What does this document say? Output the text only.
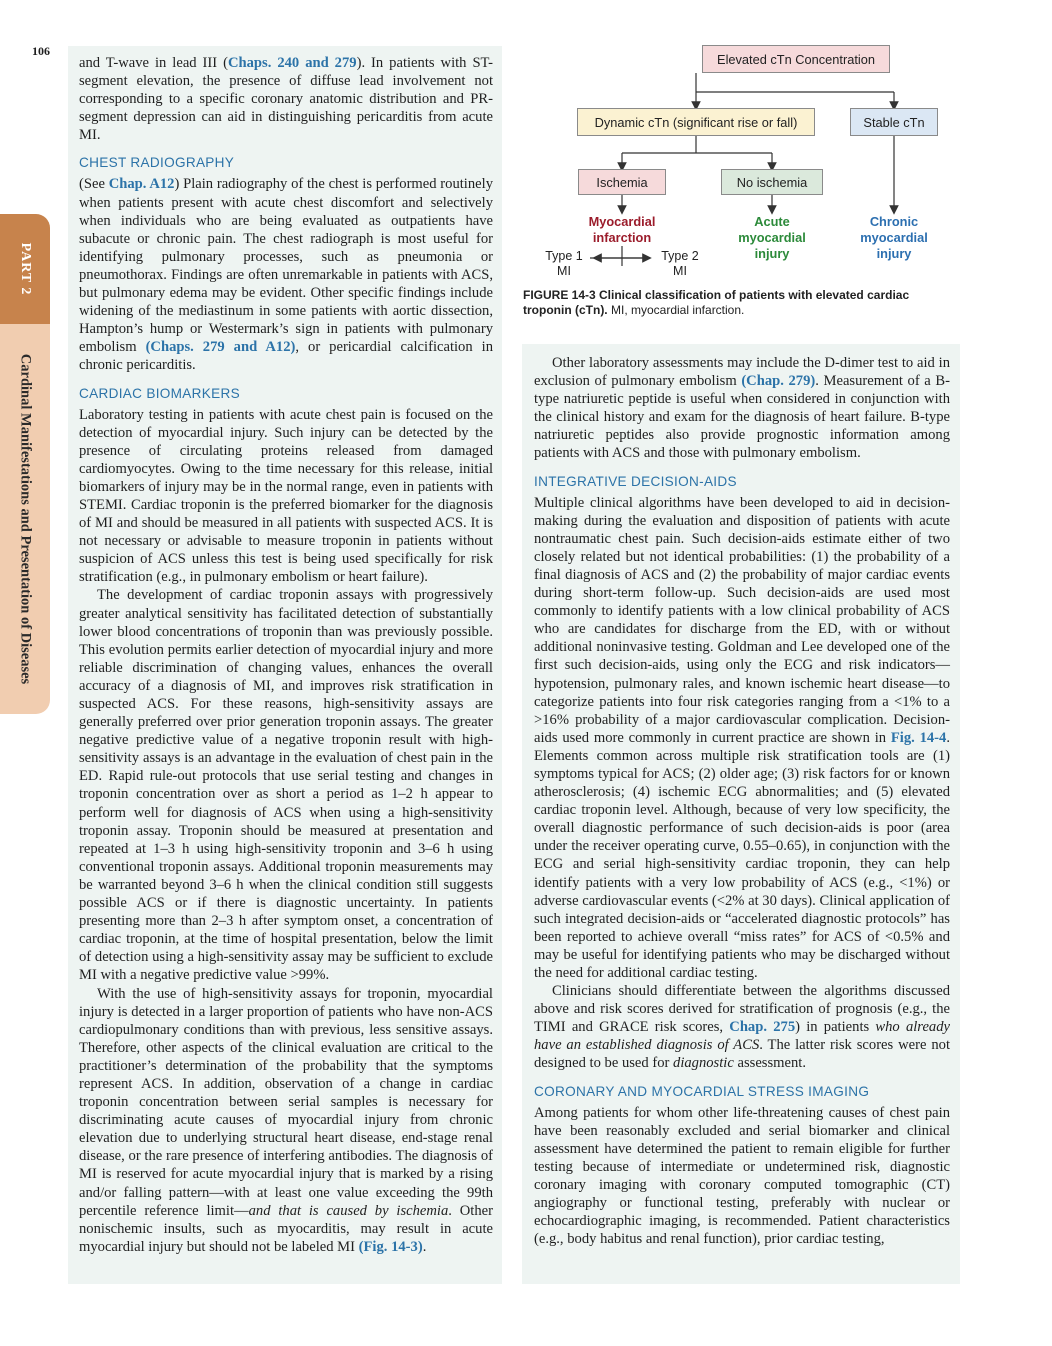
106
PART 2
Cardinal Manifestations and Presentation of Diseases

and T-wave in lead III (Chaps. 240 and 279). In patients with ST-segment elevation, the presence of diffuse lead involvement not corresponding to a specific coronary anatomic distribution and PR-segment depression can aid in distinguishing pericarditis from acute MI.

CHEST RADIOGRAPHY

(See Chap. A12) Plain radiography of the chest is performed routinely when patients present with acute chest discomfort and selectively when individuals who are being evaluated as outpatients have subacute or chronic pain. The chest radiograph is most useful for identifying pulmonary processes, such as pneumonia or pneumothorax. Findings are often unremarkable in patients with ACS, but pulmonary edema may be evident. Other specific findings include widening of the mediastinum in some patients with aortic dissection, Hampton’s hump or Westermark’s sign in patients with pulmonary embolism (Chaps. 279 and A12), or pericardial calcification in chronic pericarditis.

CARDIAC BIOMARKERS

Laboratory testing in patients with acute chest pain is focused on the detection of myocardial injury. Such injury can be detected by the presence of circulating proteins released from damaged cardiomyocytes. Owing to the time necessary for this release, initial biomarkers of injury may be in the normal range, even in patients with STEMI. Cardiac troponin is the preferred biomarker for the diagnosis of MI and should be measured in all patients with suspected ACS. It is not necessary or advisable to measure troponin in patients without suspicion of ACS unless this test is being used specifically for risk stratification (e.g., in pulmonary embolism or heart failure).

The development of cardiac troponin assays with progressively greater analytical sensitivity has facilitated detection of substantially lower blood concentrations of troponin than was previously possible. This evolution permits earlier detection of myocardial injury and more reliable discrimination of changing values, enhances the overall accuracy of a diagnosis of MI, and improves risk stratification in suspected ACS. For these reasons, high-sensitivity assays are generally preferred over prior generation troponin assays. The greater negative predictive value of a negative troponin result with high-sensitivity assays is an advantage in the evaluation of chest pain in the ED. Rapid rule-out protocols that use serial testing and changes in troponin concentration over as short a period as 1–2 h appear to perform well for diagnosis of ACS when using a high-sensitivity troponin assay. Troponin should be measured at presentation and repeated at 1–3 h using high-sensitivity troponin and 3–6 h using conventional troponin assays. Additional troponin measurements may be warranted beyond 3–6 h when the clinical condition still suggests possible ACS or if there is diagnostic uncertainty. In patients presenting more than 2–3 h after symptom onset, a concentration of cardiac troponin, at the time of hospital presentation, below the limit of detection using a high-sensitivity assay may be sufficient to exclude MI with a negative predictive value >99%.

With the use of high-sensitivity assays for troponin, myocardial injury is detected in a larger proportion of patients who have non-ACS cardiopulmonary conditions than with previous, less sensitive assays. Therefore, other aspects of the clinical evaluation are critical to the practitioner’s determination of the probability that the symptoms represent ACS. In addition, observation of a change in cardiac troponin concentration between serial samples is necessary for discriminating acute causes of myocardial injury from chronic elevation due to underlying structural heart disease, end-stage renal disease, or the rare presence of interfering antibodies. The diagnosis of MI is reserved for acute myocardial injury that is marked by a rising and/or falling pattern—with at least one value exceeding the 99th percentile reference limit—and that is caused by ischemia. Other nonischemic insults, such as myocarditis, may result in acute myocardial injury but should not be labeled MI (Fig. 14-3).

Elevated cTn Concentration
Dynamic cTn (significant rise or fall)	Stable cTn
Ischemia	No ischemia
Myocardial infarction
Acute myocardial injury
Chronic myocardial injury
Type 1 MI
Type 2 MI
FIGURE 14-3 Clinical classification of patients with elevated cardiac troponin (cTn). MI, myocardial infarction.

Other laboratory assessments may include the D-dimer test to aid in exclusion of pulmonary embolism (Chap. 279). Measurement of a B-type natriuretic peptide is useful when considered in conjunction with the clinical history and exam for the diagnosis of heart failure. B-type natriuretic peptides also provide prognostic information among patients with ACS and those with pulmonary embolism.

INTEGRATIVE DECISION-AIDS

Multiple clinical algorithms have been developed to aid in decision-making during the evaluation and disposition of patients with acute nontraumatic chest pain. Such decision-aids estimate either of two closely related but not identical probabilities: (1) the probability of a final diagnosis of ACS and (2) the probability of major cardiac events during short-term follow-up. Such decision-aids are used most commonly to identify patients with a low clinical probability of ACS who are candidates for discharge from the ED, with or without additional noninvasive testing. Goldman and Lee developed one of the first such decision-aids, using only the ECG and risk indicators—hypotension, pulmonary rales, and known ischemic heart disease—to categorize patients into four risk categories ranging from a <1% to a >16% probability of a major cardiovascular complication. Decision-aids used more commonly in current practice are shown in Fig. 14-4. Elements common across multiple risk stratification tools are (1) symptoms typical for ACS; (2) older age; (3) risk factors for or known atherosclerosis; (4) ischemic ECG abnormalities; and (5) elevated cardiac troponin level. Although, because of very low specificity, the overall diagnostic performance of such decision-aids is poor (area under the receiver operating curve, 0.55–0.65), in conjunction with the ECG and serial high-sensitivity cardiac troponin, they can help identify patients with a very low probability of ACS (e.g., <1%) or adverse cardiovascular events (<2% at 30 days). Clinical application of such integrated decision-aids or “accelerated diagnostic protocols” has been reported to achieve overall “miss rates” for ACS of <0.5% and may be useful for identifying patients who may be discharged without the need for additional cardiac testing.

Clinicians should differentiate between the algorithms discussed above and risk scores derived for stratification of prognosis (e.g., the TIMI and GRACE risk scores, Chap. 275) in patients who already have an established diagnosis of ACS. The latter risk scores were not designed to be used for diagnostic assessment.

CORONARY AND MYOCARDIAL STRESS IMAGING

Among patients for whom other life-threatening causes of chest pain have been reasonably excluded and serial biomarker and clinical assessment have determined the patient to remain eligible for further testing because of intermediate or undetermined risk, diagnostic coronary imaging with coronary computed tomographic (CT) angiography or functional testing, preferably with nuclear or echocardiographic imaging, is recommended. Patient characteristics (e.g., body habitus and renal function), prior cardiac testing,
